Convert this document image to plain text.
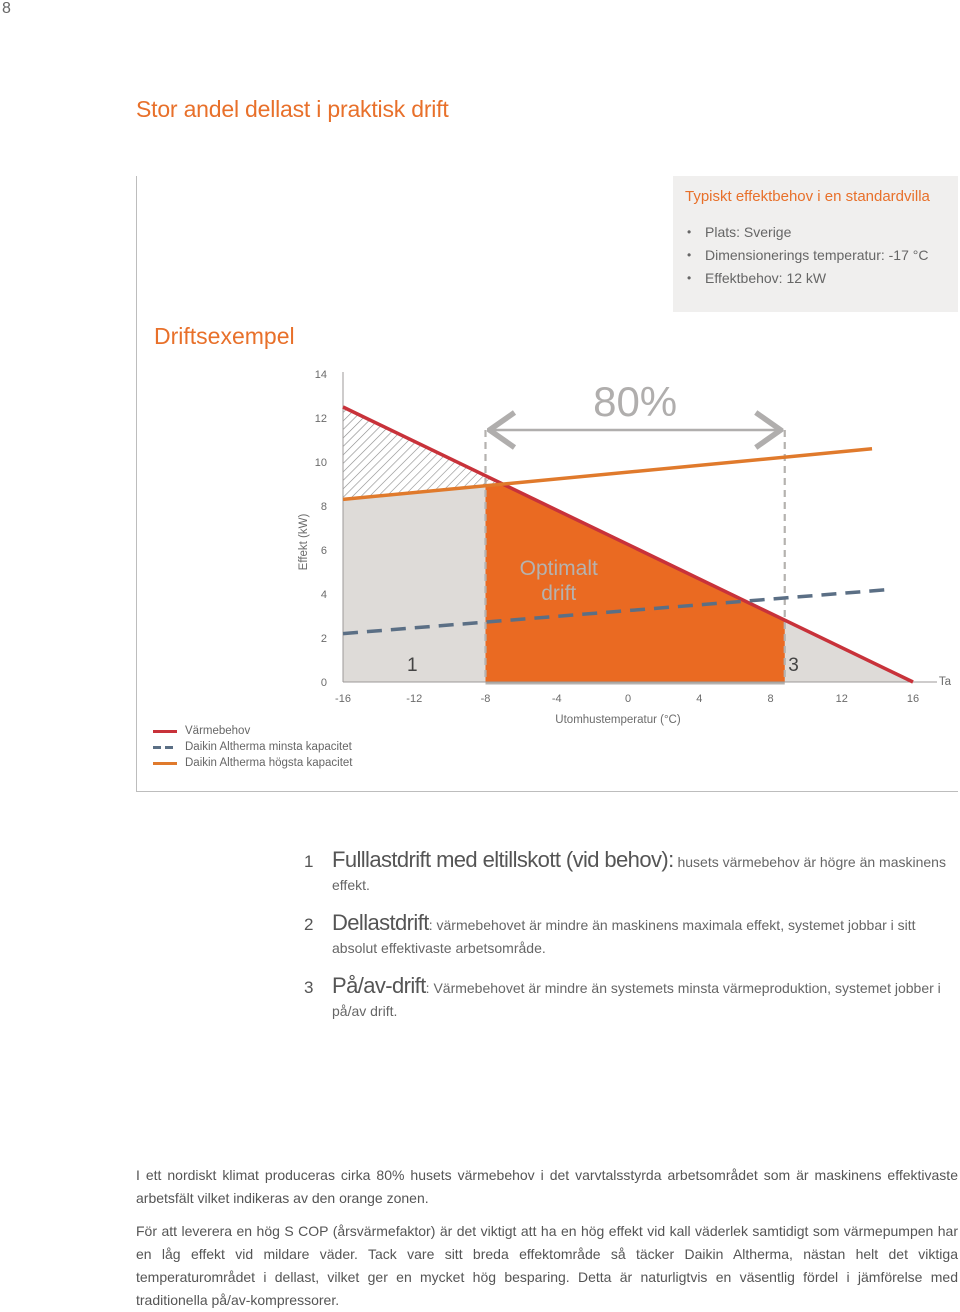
8
Stor andel dellast i praktisk drift
Typiskt effektbehov i en standardvilla
• Plats: Sverige
• Dimensionerings temperatur: -17 °C
• Effektbehov: 12 kW
Driftsexempel
0
2
4
6
8
10
12
14
-16	-12	-8	-4	0	4	8	12	16
Effekt (kW)
Utomhustemperatur (°C)
Ta
80%
Optimalt
drift
1	3
Värmebehov
Daikin Altherma minsta kapacitet
Daikin Altherma högsta kapacitet
1 Fulllastdrift med eltillskott (vid behov): husets värmebehov är högre än maskinens effekt.
2 Dellastdrift: värmebehovet är mindre än maskinens maximala effekt, systemet jobbar i sitt absolut effektivaste arbetsområde.
3 På/av-drift: Värmebehovet är mindre än systemets minsta värmeproduktion, systemet jobber i på/av drift.
I ett nordiskt klimat produceras cirka 80% husets värmebehov i det varvtalsstyrda arbetsområdet som är maskinens effektivaste arbetsfält vilket indikeras av den orange zonen.
För att leverera en hög S COP (årsvärmefaktor) är det viktigt att ha en hög effekt vid kall väderlek samtidigt som värmepumpen har en låg effekt vid mildare väder. Tack vare sitt breda effektområde så täcker Daikin Altherma, nästan helt det viktiga temperaturområdet i dellast, vilket ger en mycket hög besparing. Detta är naturligtvis en väsentlig fördel i jämförelse med traditionella på/av-kompressorer.
